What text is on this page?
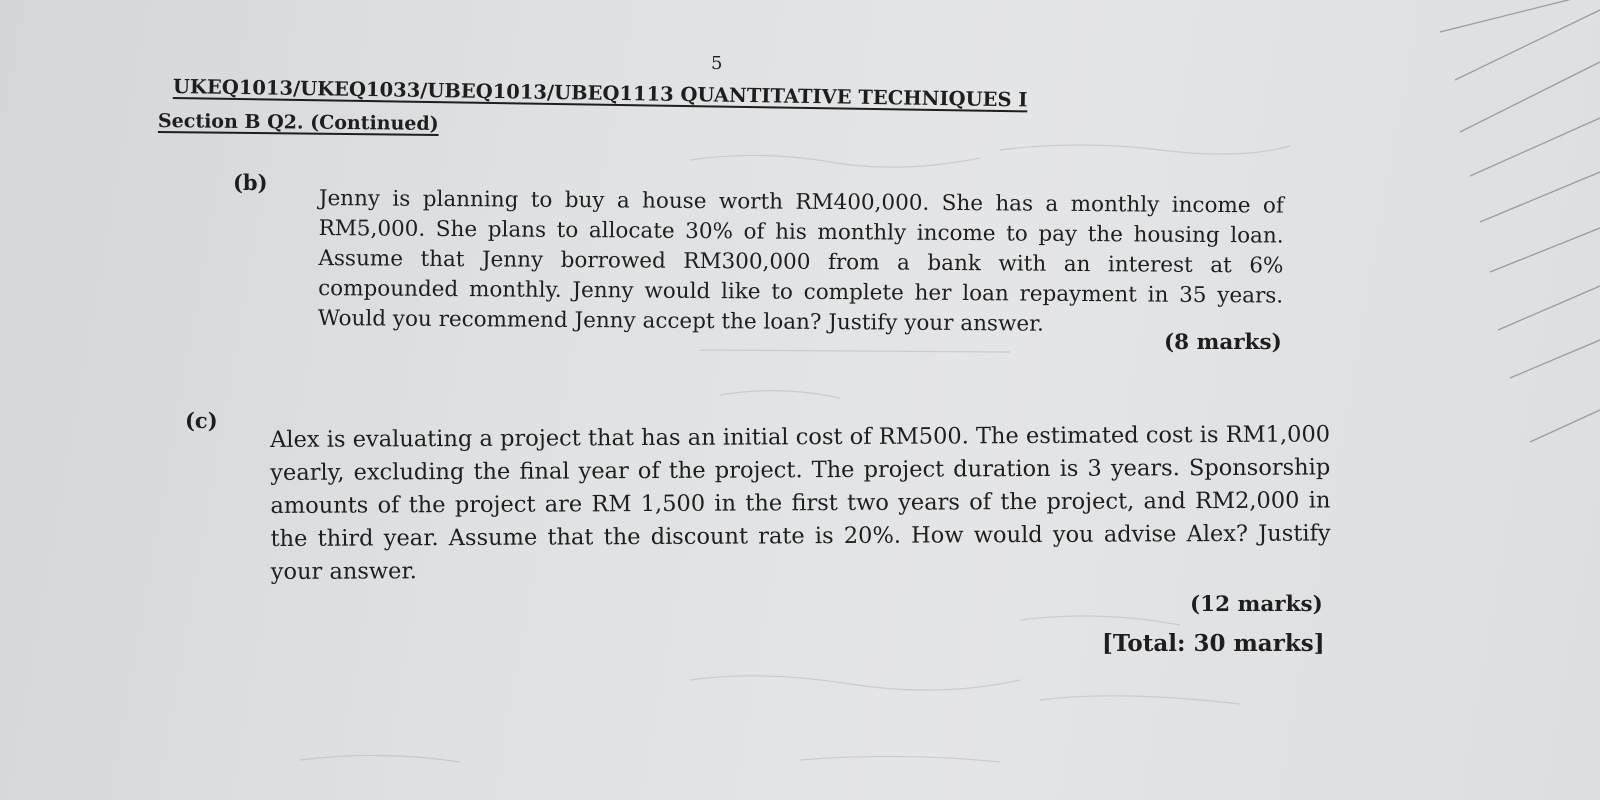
5
UKEQ1013/UKEQ1033/UBEQ1013/UBEQ1113 QUANTITATIVE TECHNIQUES I
Section B Q2. (Continued)
(b)
Jenny is planning to buy a house worth RM400,000. She has a monthly income of RM5,000. She plans to allocate 30% of his monthly income to pay the housing loan. Assume that Jenny borrowed RM300,000 from a bank with an interest at 6% compounded monthly. Jenny would like to complete her loan repayment in 35 years. Would you recommend Jenny accept the loan? Justify your answer.
(8 marks)
(c)
Alex is evaluating a project that has an initial cost of RM500. The estimated cost is RM1,000 yearly, excluding the final year of the project. The project duration is 3 years. Sponsorship amounts of the project are RM 1,500 in the first two years of the project, and RM2,000 in the third year. Assume that the discount rate is 20%. How would you advise Alex? Justify your answer.
(12 marks)
[Total: 30 marks]
